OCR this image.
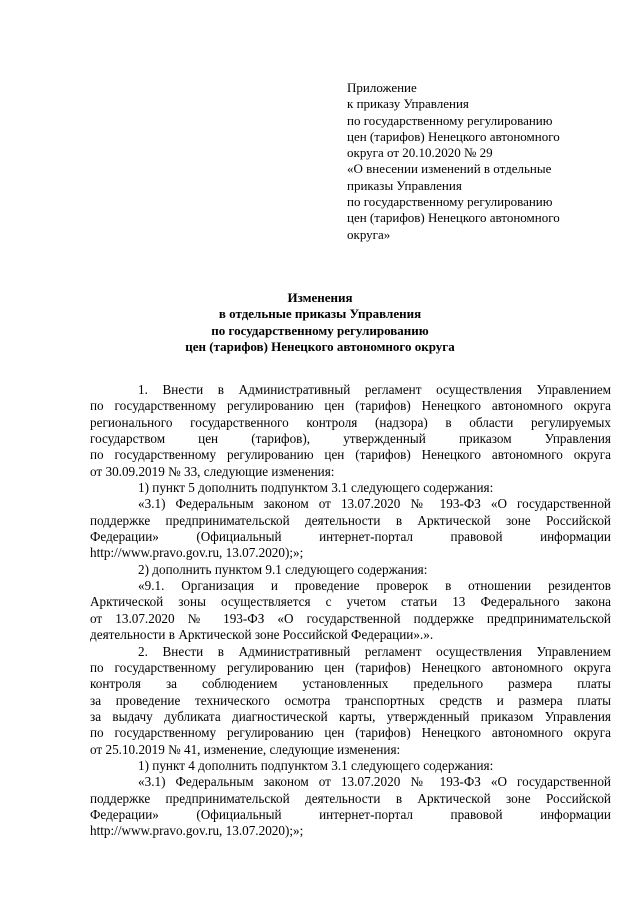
Приложение
к приказу Управления
по государственному регулированию
цен (тарифов) Ненецкого автономного
округа от 20.10.2020 № 29
«О внесении изменений в отдельные
приказы Управления
по государственному регулированию
цен (тарифов) Ненецкого автономного
округа»
Изменения
в отдельные приказы Управления
по государственному регулированию
цен (тарифов) Ненецкого автономного округа

1. Внести в Административный регламент осуществления Управлением
по государственному регулированию цен (тарифов) Ненецкого автономного округа
регионального государственного контроля (надзора) в области регулируемых
государством цен (тарифов), утвержденный приказом Управления
по государственному регулированию цен (тарифов) Ненецкого автономного округа
от 30.09.2019 № 33, следующие изменения:

1) пункт 5 дополнить подпунктом 3.1 следующего содержания:

«3.1) Федеральным законом от 13.07.2020 № 193-ФЗ «О государственной
поддержке предпринимательской деятельности в Арктической зоне Российской
Федерации» (Официальный интернет-портал правовой информации
http://www.pravo.gov.ru, 13.07.2020);»;

2) дополнить пунктом 9.1 следующего содержания:

«9.1. Организация и проведение проверок в отношении резидентов
Арктической зоны осуществляется с учетом статьи 13 Федерального закона
от 13.07.2020 № 193-ФЗ «О государственной поддержке предпринимательской
деятельности в Арктической зоне Российской Федерации».».

2. Внести в Административный регламент осуществления Управлением
по государственному регулированию цен (тарифов) Ненецкого автономного округа
контроля за соблюдением установленных предельного размера платы
за проведение технического осмотра транспортных средств и размера платы
за выдачу дубликата диагностической карты, утвержденный приказом Управления
по государственному регулированию цен (тарифов) Ненецкого автономного округа
от 25.10.2019 № 41, изменение, следующие изменения:

1) пункт 4 дополнить подпунктом 3.1 следующего содержания:

«3.1) Федеральным законом от 13.07.2020 № 193-ФЗ «О государственной
поддержке предпринимательской деятельности в Арктической зоне Российской
Федерации» (Официальный интернет-портал правовой информации
http://www.pravo.gov.ru, 13.07.2020);»;
